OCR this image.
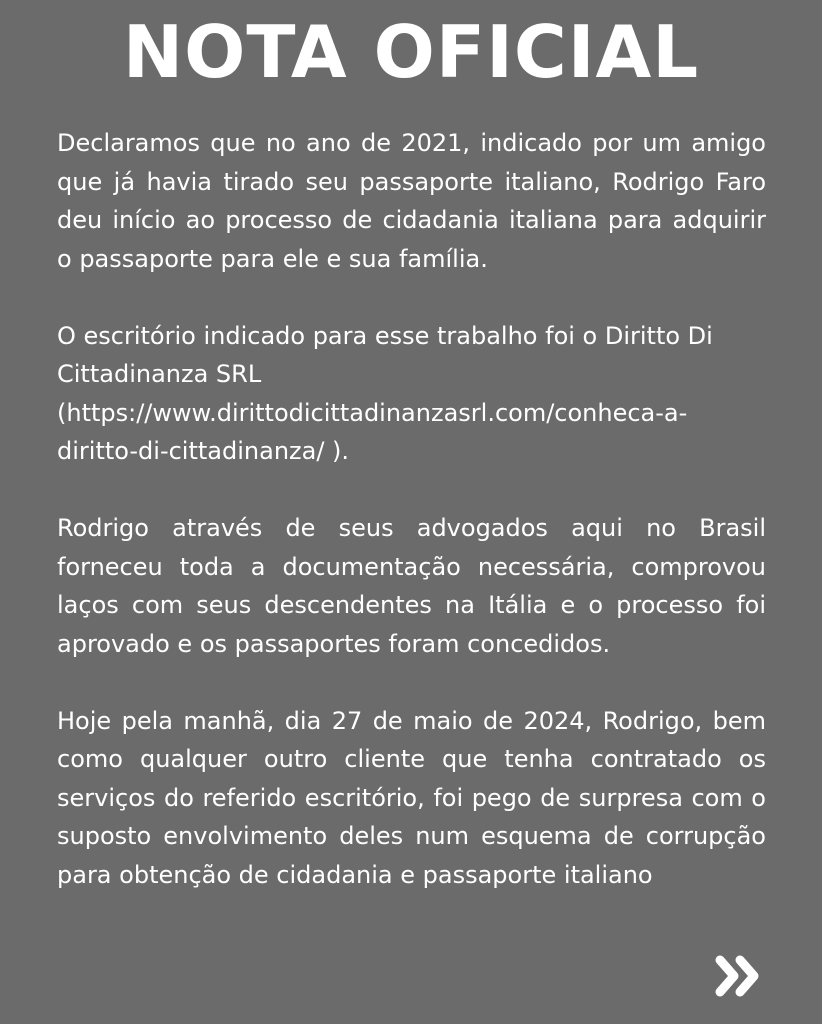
NOTA OFICIAL

Declaramos que no ano de 2021, indicado por um amigo que já havia tirado seu passaporte italiano, Rodrigo Faro deu início ao processo de cidadania italiana para adquirir o passaporte para ele e sua família.

O escritório indicado para esse trabalho foi o Diritto Di Cittadinanza SRL (https://www.dirittodicittadinanzasrl.com/conheca-a-diritto-di-cittadinanza/ ).

Rodrigo através de seus advogados aqui no Brasil forneceu toda a documentação necessária, comprovou laços com seus descendentes na Itália e o processo foi aprovado e os passaportes foram concedidos.

Hoje pela manhã, dia 27 de maio de 2024, Rodrigo, bem como qualquer outro cliente que tenha contratado os serviços do referido escritório, foi pego de surpresa com o suposto envolvimento deles num esquema de corrupção para obtenção de cidadania e passaporte italiano
